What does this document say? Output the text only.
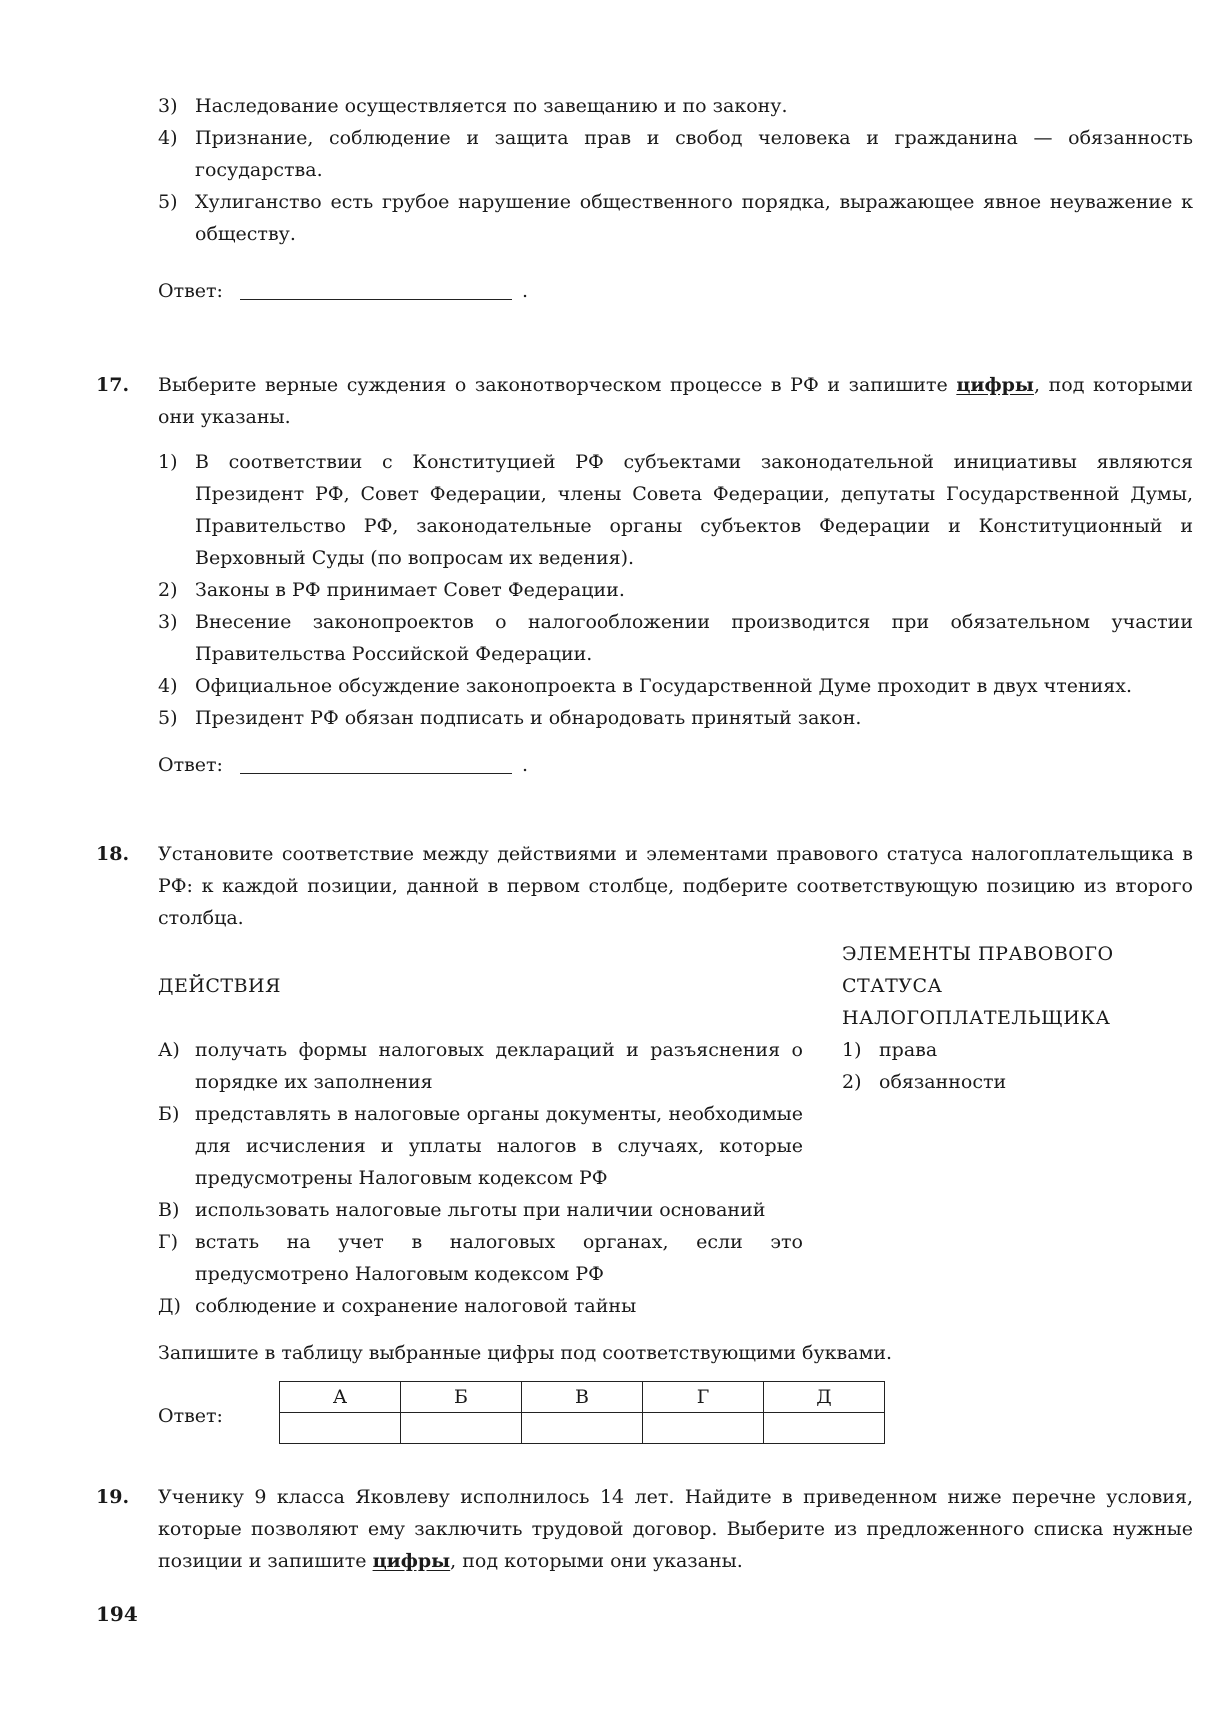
3) Наследование осуществляется по завещанию и по закону.
4) Признание, соблюдение и защита прав и свобод человека и гражданина — обязанность государства.
5) Хулиганство есть грубое нарушение общественного порядка, выражающее явное неуважение к обществу.
Ответ:	.
17. Выберите верные суждения о законотворческом процессе в РФ и запишите цифры, под которыми они указаны.
1) В соответствии с Конституцией РФ субъектами законодательной инициативы являются Президент РФ, Совет Федерации, члены Совета Федерации, депутаты Государственной Думы, Правительство РФ, законодательные органы субъектов Федерации и Конституционный и Верховный Суды (по вопросам их ведения).
2) Законы в РФ принимает Совет Федерации.
3) Внесение законопроектов о налогообложении производится при обязательном участии Правительства Российской Федерации.
4) Официальное обсуждение законопроекта в Государственной Думе проходит в двух чтениях.
5) Президент РФ обязан подписать и обнародовать принятый закон.
Ответ:	.
18. Установите соответствие между действиями и элементами правового статуса налогоплательщика в РФ: к каждой позиции, данной в первом столбце, подберите соответствующую позицию из второго столбца.
ДЕЙСТВИЯ
ЭЛЕМЕНТЫ ПРАВОВОГО
СТАТУСА
НАЛОГОПЛАТЕЛЬЩИКА
1) права
2) обязанности
А) получать формы налоговых деклараций и разъяснения о порядке их заполнения
Б) представлять в налоговые органы документы, необходимые для исчисления и уплаты налогов в случаях, которые предусмотрены Налоговым кодексом РФ
В) использовать налоговые льготы при наличии оснований
Г) встать на учет в налоговых органах, если это предусмотрено Налоговым кодексом РФ
Д) соблюдение и сохранение налоговой тайны
Запишите в таблицу выбранные цифры под соответствующими буквами.
Ответ:
А	Б	В	Г	Д

19. Ученику 9 класса Яковлеву исполнилось 14 лет. Найдите в приведенном ниже перечне условия, которые позволяют ему заключить трудовой договор. Выберите из предложенного списка нужные позиции и запишите цифры, под которыми они указаны.
194
